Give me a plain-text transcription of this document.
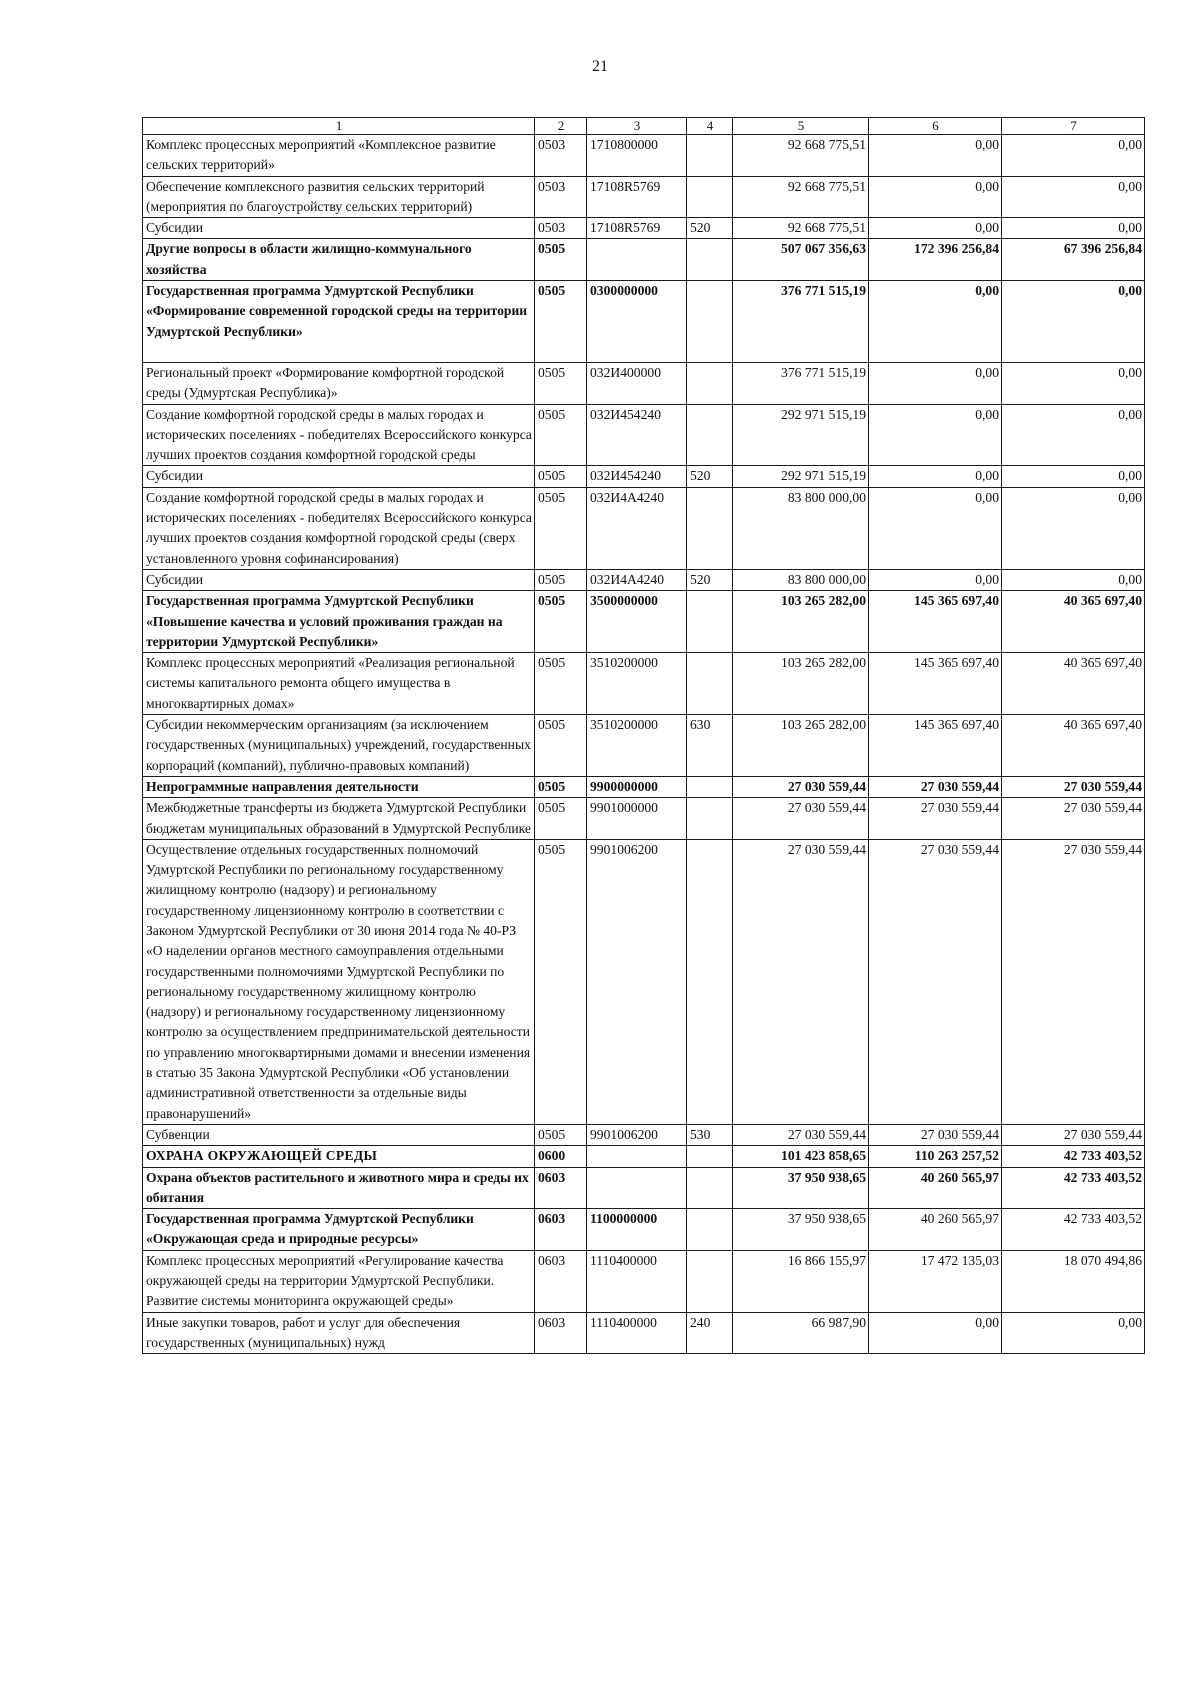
21
1	2	3	4	5	6	7
Комплекс процессных мероприятий «Комплексное развитие сельских территорий»	0503	1710800000		92 668 775,51	0,00	0,00
Обеспечение комплексного развития сельских территорий (мероприятия по благоустройству сельских территорий)	0503	17108R5769		92 668 775,51	0,00	0,00
Субсидии	0503	17108R5769	520	92 668 775,51	0,00	0,00
Другие вопросы в области жилищно-коммунального хозяйства	0505			507 067 356,63	172 396 256,84	67 396 256,84
Государственная программа Удмуртской Республики «Формирование современной городской среды на территории Удмуртской Республики»	0505	0300000000		376 771 515,19	0,00	0,00
Региональный проект «Формирование комфортной городской среды (Удмуртская Республика)»	0505	032И400000		376 771 515,19	0,00	0,00
Создание комфортной городской среды в малых городах и исторических поселениях - победителях Всероссийского конкурса лучших проектов создания комфортной городской среды	0505	032И454240		292 971 515,19	0,00	0,00
Субсидии	0505	032И454240	520	292 971 515,19	0,00	0,00
Создание комфортной городской среды в малых городах и исторических поселениях - победителях Всероссийского конкурса лучших проектов создания комфортной городской среды (сверх установленного уровня софинансирования)	0505	032И4А4240		83 800 000,00	0,00	0,00
Субсидии	0505	032И4А4240	520	83 800 000,00	0,00	0,00
Государственная программа Удмуртской Республики «Повышение качества и условий проживания граждан на территории Удмуртской Республики»	0505	3500000000		103 265 282,00	145 365 697,40	40 365 697,40
Комплекс процессных мероприятий «Реализация региональной системы капитального ремонта общего имущества в многоквартирных домах»	0505	3510200000		103 265 282,00	145 365 697,40	40 365 697,40
Субсидии некоммерческим организациям (за исключением государственных (муниципальных) учреждений, государственных корпораций (компаний), публично-правовых компаний)	0505	3510200000	630	103 265 282,00	145 365 697,40	40 365 697,40
Непрограммные направления деятельности	0505	9900000000		27 030 559,44	27 030 559,44	27 030 559,44
Межбюджетные трансферты из бюджета Удмуртской Республики бюджетам муниципальных образований в Удмуртской Республике	0505	9901000000		27 030 559,44	27 030 559,44	27 030 559,44
Осуществление отдельных государственных полномочий Удмуртской Республики по региональному государственному жилищному контролю (надзору) и региональному государственному лицензионному контролю в соответствии с Законом Удмуртской Республики от 30 июня 2014 года № 40-РЗ «О наделении органов местного самоуправления отдельными государственными полномочиями Удмуртской Республики по региональному государственному жилищному контролю (надзору) и региональному государственному лицензионному контролю за осуществлением предпринимательской деятельности по управлению многоквартирными домами и внесении изменения в статью 35 Закона Удмуртской Республики «Об установлении административной ответственности за отдельные виды правонарушений»	0505	9901006200		27 030 559,44	27 030 559,44	27 030 559,44
Субвенции	0505	9901006200	530	27 030 559,44	27 030 559,44	27 030 559,44
ОХРАНА ОКРУЖАЮЩЕЙ СРЕДЫ	0600			101 423 858,65	110 263 257,52	42 733 403,52
Охрана объектов растительного и животного мира и среды их обитания	0603			37 950 938,65	40 260 565,97	42 733 403,52
Государственная программа Удмуртской Республики «Окружающая среда и природные ресурсы»	0603	1100000000		37 950 938,65	40 260 565,97	42 733 403,52
Комплекс процессных мероприятий «Регулирование качества окружающей среды на территории Удмуртской Республики. Развитие системы мониторинга окружающей среды»	0603	1110400000		16 866 155,97	17 472 135,03	18 070 494,86
Иные закупки товаров, работ и услуг для обеспечения государственных (муниципальных) нужд	0603	1110400000	240	66 987,90	0,00	0,00
